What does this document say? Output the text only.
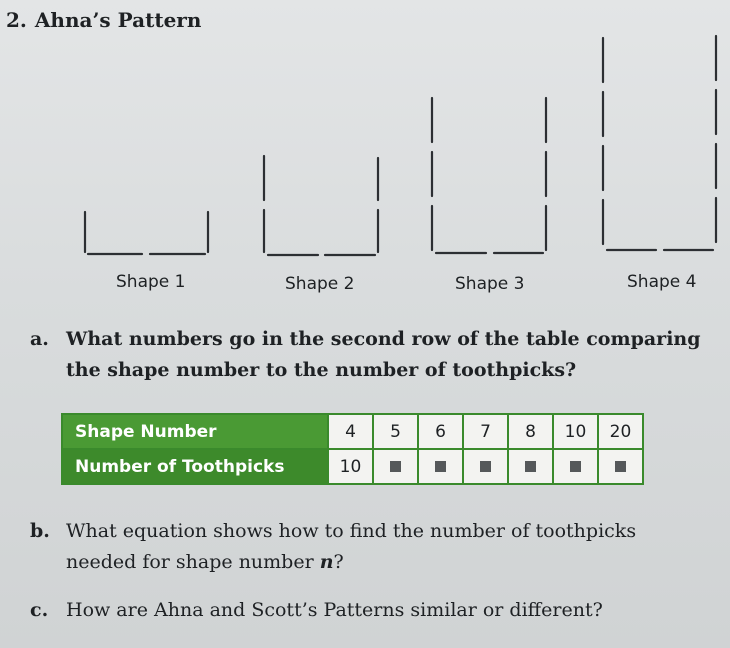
2. Ahna’s Pattern
Shape 1	Shape 2	Shape 3	Shape 4
a. What numbers go in the second row of the table comparing the shape number to the number of toothpicks?
Shape Number	4	5	6	7	8	10	20
Number of Toothpicks	10						
b. What equation shows how to find the number of toothpicks needed for shape number n?
c. How are Ahna and Scott’s Patterns similar or different?
